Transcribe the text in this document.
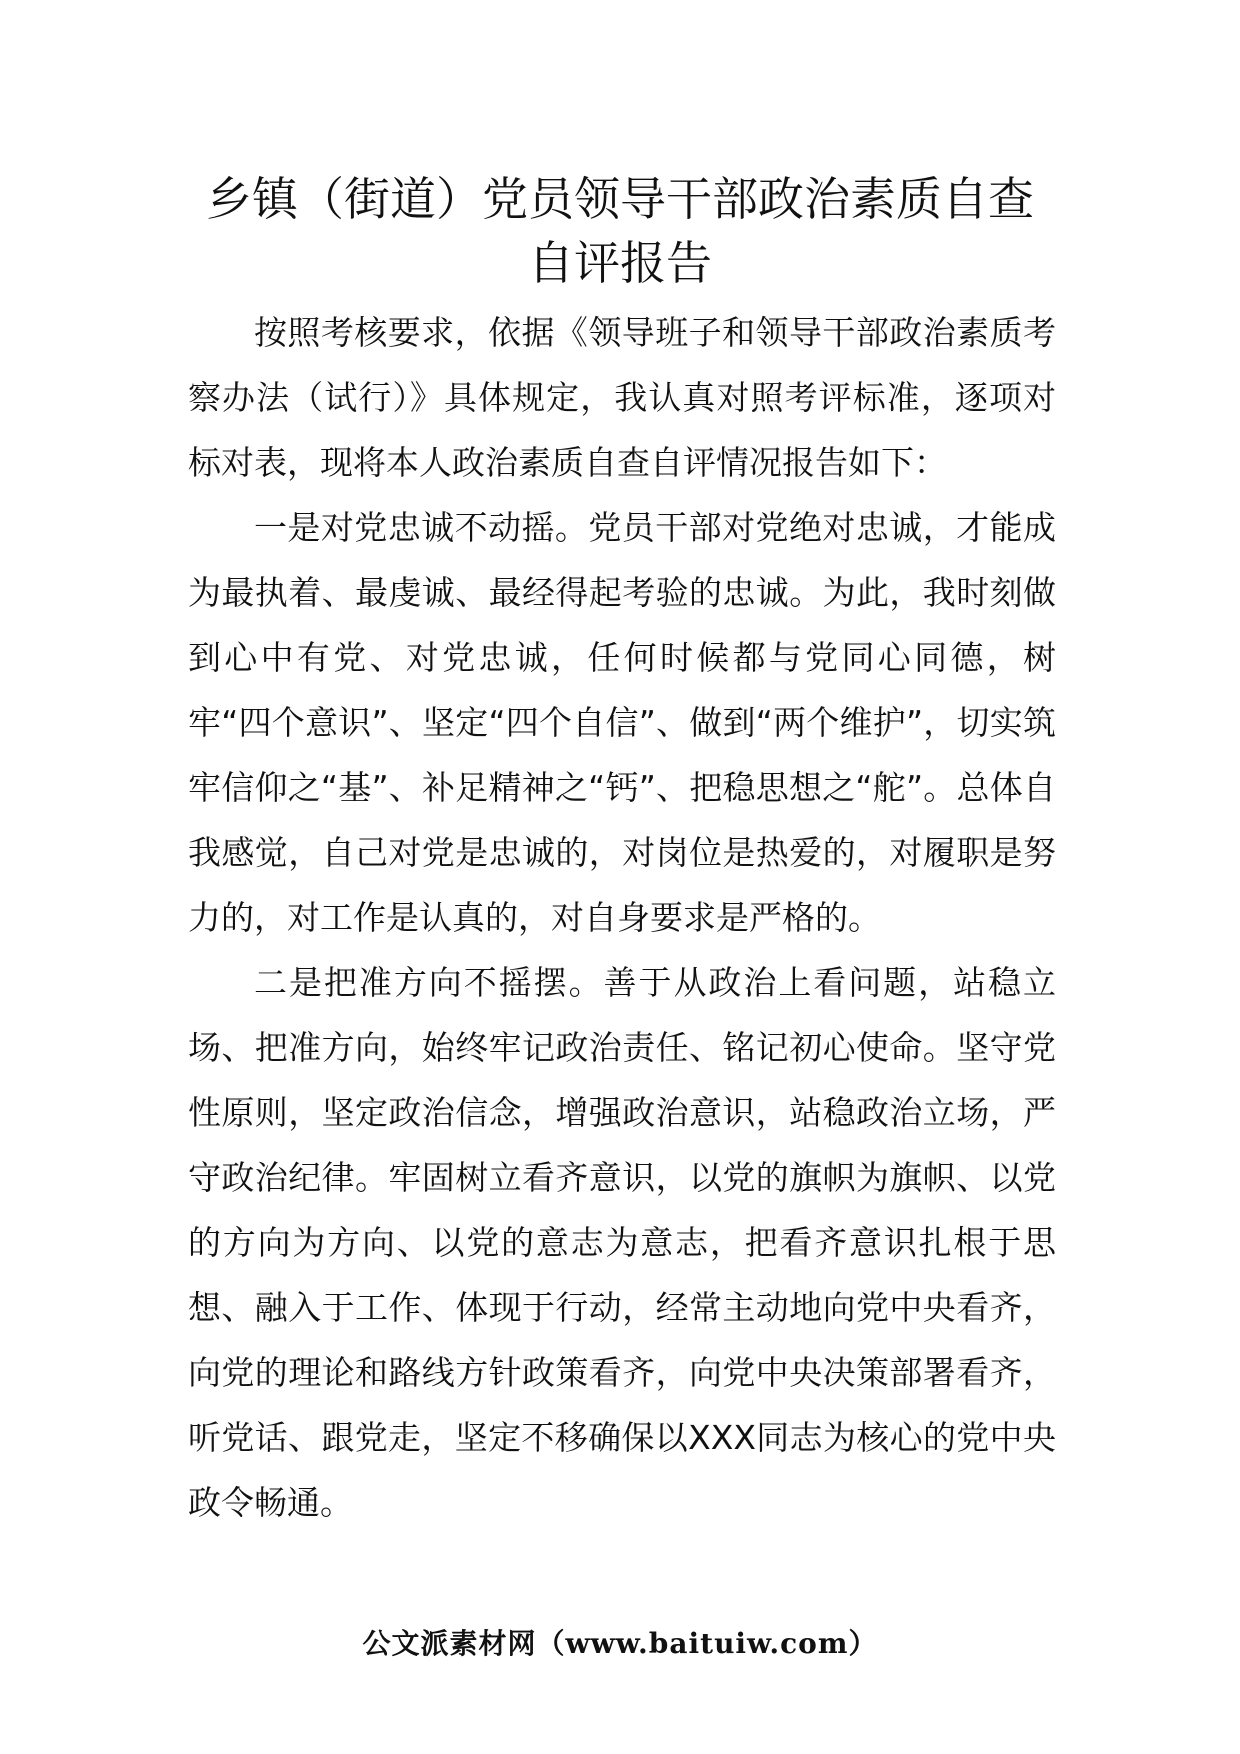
乡镇（街道）党员领导干部政治素质自查
自评报告

按照考核要求，依据《领导班子和领导干部政治素质考察办法（试行）》具体规定，我认真对照考评标准，逐项对标对表，现将本人政治素质自查自评情况报告如下：

一是对党忠诚不动摇。党员干部对党绝对忠诚，才能成为最执着、最虔诚、最经得起考验的忠诚。为此，我时刻做到心中有党、对党忠诚，任何时候都与党同心同德，树牢“四个意识”、坚定“四个自信”、做到“两个维护”，切实筑牢信仰之“基”、补足精神之“钙”、把稳思想之“舵”。总体自我感觉，自己对党是忠诚的，对岗位是热爱的，对履职是努力的，对工作是认真的，对自身要求是严格的。

二是把准方向不摇摆。善于从政治上看问题，站稳立场、把准方向，始终牢记政治责任、铭记初心使命。坚守党性原则，坚定政治信念，增强政治意识，站稳政治立场，严守政治纪律。牢固树立看齐意识，以党的旗帜为旗帜、以党的方向为方向、以党的意志为意志，把看齐意识扎根于思想、融入于工作、体现于行动，经常主动地向党中央看齐，向党的理论和路线方针政策看齐，向党中央决策部署看齐，听党话、跟党走，坚定不移确保以XXX同志为核心的党中央政令畅通。

公文派素材网（www.baituiw.com）
